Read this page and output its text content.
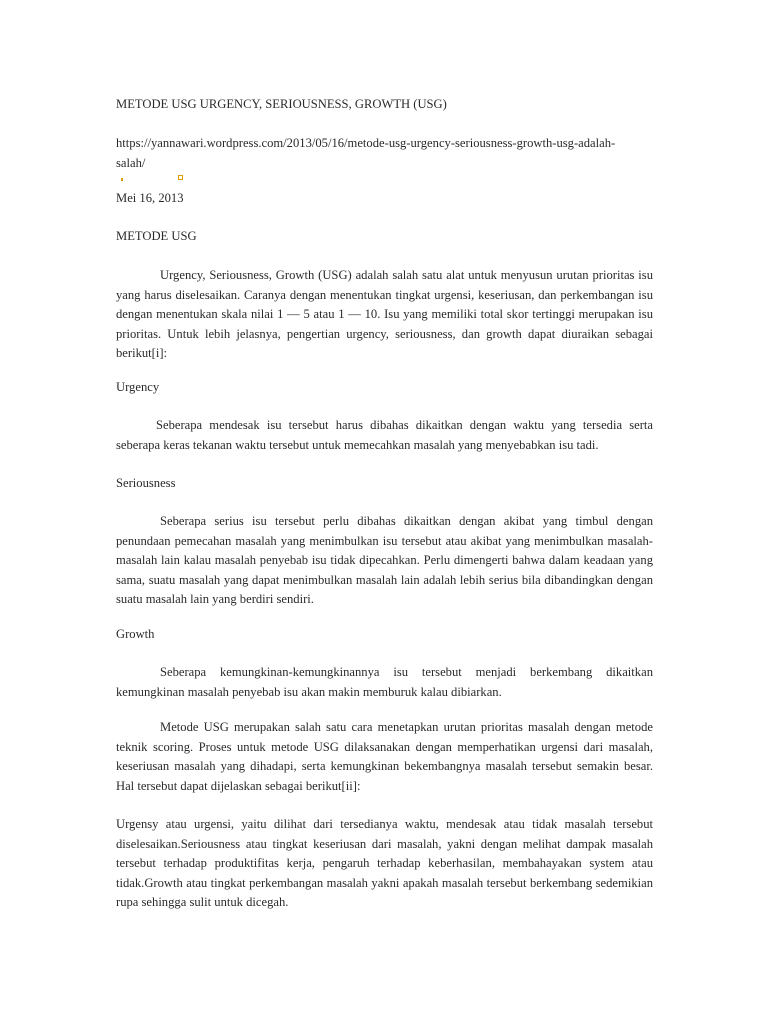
METODE USG URGENCY, SERIOUSNESS, GROWTH (USG)
https://yannawari.wordpress.com/2013/05/16/metode-usg-urgency-seriousness-growth-usg-adalah-salah/
Mei 16, 2013
METODE USG
Urgency, Seriousness, Growth (USG) adalah salah satu alat untuk menyusun urutan prioritas isu yang harus diselesaikan. Caranya dengan menentukan tingkat urgensi, keseriusan, dan perkembangan isu dengan menentukan skala nilai 1 — 5 atau 1 — 10. Isu yang memiliki total skor tertinggi merupakan isu prioritas. Untuk lebih jelasnya, pengertian urgency, seriousness, dan growth dapat diuraikan sebagai berikut[i]:
Urgency
Seberapa mendesak isu tersebut harus dibahas dikaitkan dengan waktu yang tersedia serta seberapa keras tekanan waktu tersebut untuk memecahkan masalah yang menyebabkan isu tadi.
Seriousness
Seberapa serius isu tersebut perlu dibahas dikaitkan dengan akibat yang timbul dengan penundaan pemecahan masalah yang menimbulkan isu tersebut atau akibat yang menimbulkan masalah-masalah lain kalau masalah penyebab isu tidak dipecahkan. Perlu dimengerti bahwa dalam keadaan yang sama, suatu masalah yang dapat menimbulkan masalah lain adalah lebih serius bila dibandingkan dengan suatu masalah lain yang berdiri sendiri.
Growth
Seberapa kemungkinan-kemungkinannya isu tersebut menjadi berkembang dikaitkan kemungkinan masalah penyebab isu akan makin memburuk kalau dibiarkan.
Metode USG merupakan salah satu cara menetapkan urutan prioritas masalah dengan metode teknik scoring. Proses untuk metode USG dilaksanakan dengan memperhatikan urgensi dari masalah, keseriusan masalah yang dihadapi, serta kemungkinan bekembangnya masalah tersebut semakin besar. Hal tersebut dapat dijelaskan sebagai berikut[ii]:
Urgensy atau urgensi, yaitu dilihat dari tersedianya waktu, mendesak atau tidak masalah tersebut diselesaikan.Seriousness atau tingkat keseriusan dari masalah, yakni dengan melihat dampak masalah tersebut terhadap produktifitas kerja, pengaruh terhadap keberhasilan, membahayakan system atau tidak.Growth atau tingkat perkembangan masalah yakni apakah masalah tersebut berkembang sedemikian rupa sehingga sulit untuk dicegah.
